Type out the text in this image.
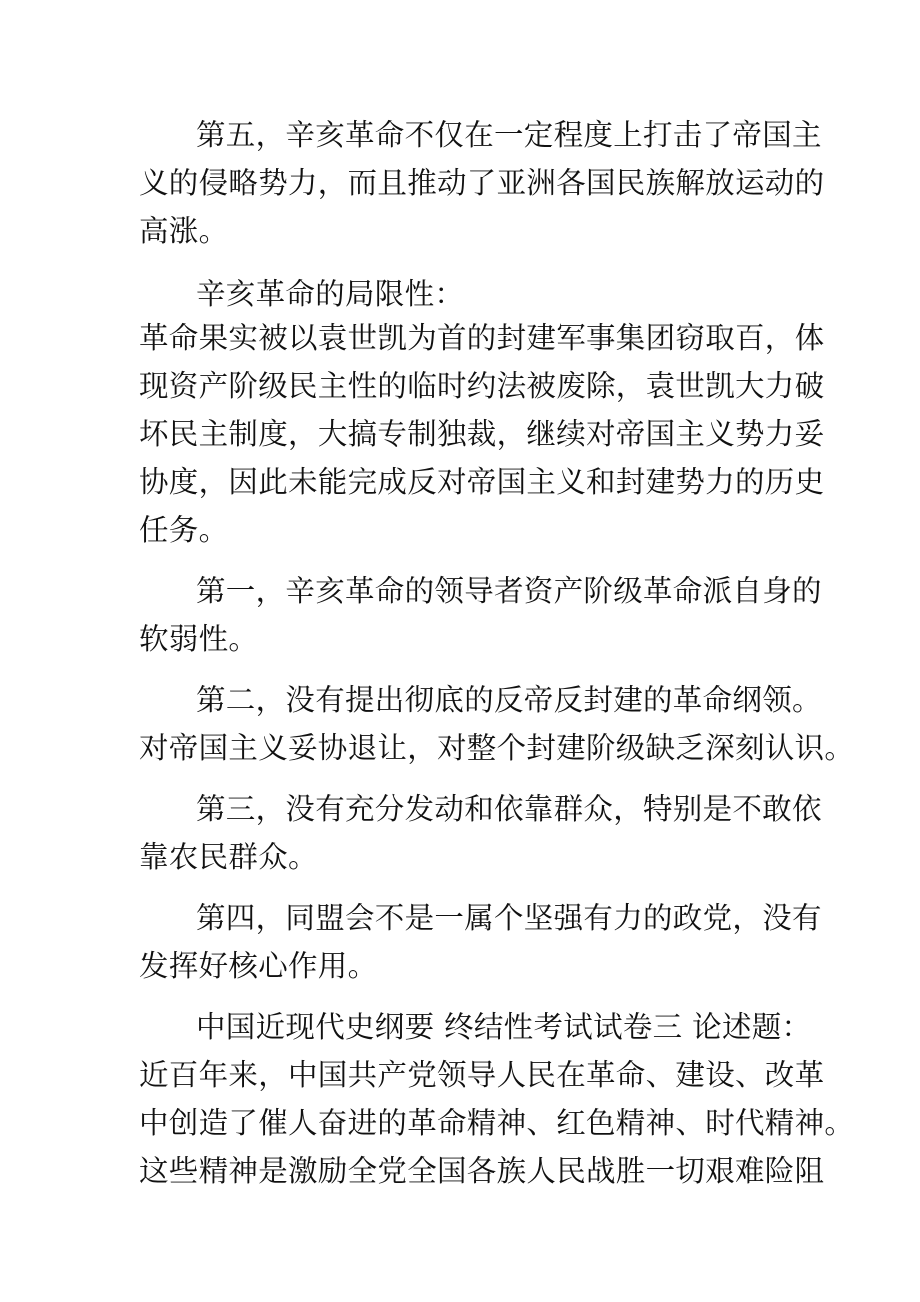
第五，辛亥革命不仅在一定程度上打击了帝国主
义的侵略势力，而且推动了亚洲各国民族解放运动的
高涨。
辛亥革命的局限性：
革命果实被以袁世凯为首的封建军事集团窃取百，体
现资产阶级民主性的临时约法被废除，袁世凯大力破
坏民主制度，大搞专制独裁，继续对帝国主义势力妥
协度，因此未能完成反对帝国主义和封建势力的历史
任务。
第一，辛亥革命的领导者资产阶级革命派自身的
软弱性。
第二，没有提出彻底的反帝反封建的革命纲领。
对帝国主义妥协退让，对整个封建阶级缺乏深刻认识。
第三，没有充分发动和依靠群众，特别是不敢依
靠农民群众。
第四，同盟会不是一属个坚强有力的政党，没有
发挥好核心作用。
中国近现代史纲要 终结性考试试卷三 论述题：
近百年来，中国共产党领导人民在革命、建设、改革
中创造了催人奋进的革命精神、红色精神、时代精神。
这些精神是激励全党全国各族人民战胜一切艰难险阻
